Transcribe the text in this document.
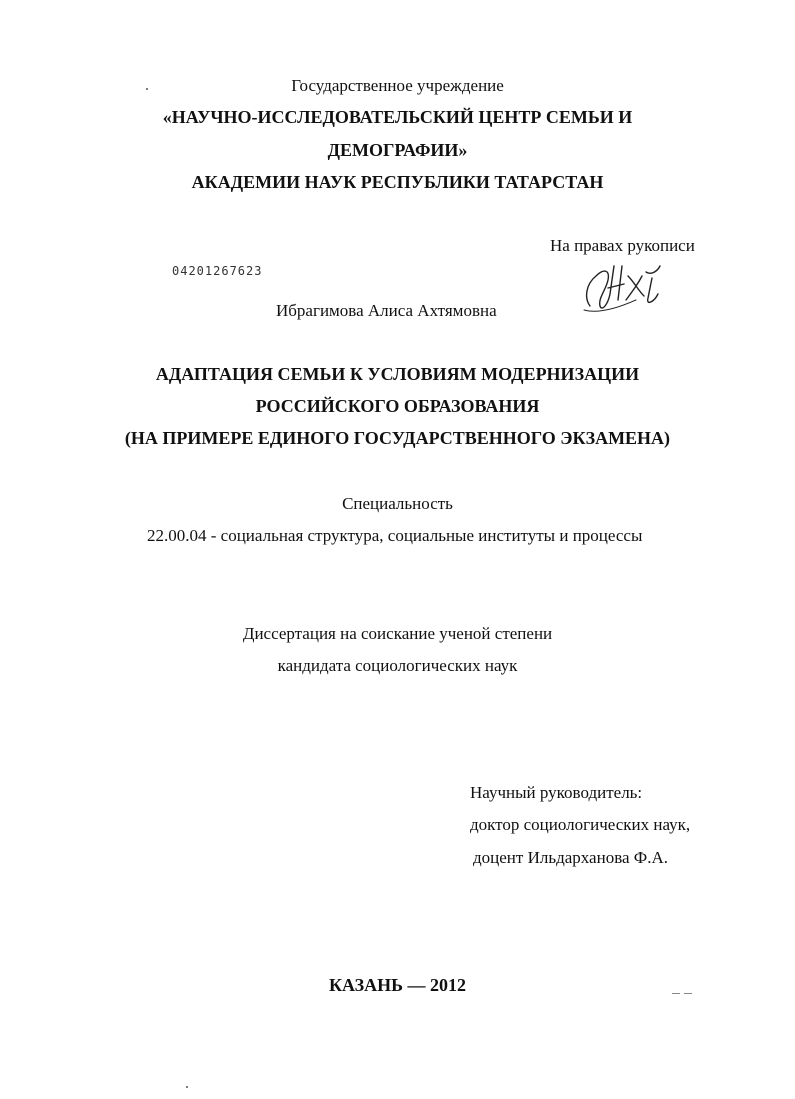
Государственное учреждение
«НАУЧНО-ИССЛЕДОВАТЕЛЬСКИЙ ЦЕНТР СЕМЬИ И
ДЕМОГРАФИИ»
АКАДЕМИИ НАУК РЕСПУБЛИКИ ТАТАРСТАН
На правах рукописи
04201267623
Ибрагимова Алиса Ахтямовна
АДАПТАЦИЯ СЕМЬИ К УСЛОВИЯМ МОДЕРНИЗАЦИИ
РОССИЙСКОГО ОБРАЗОВАНИЯ
(НА ПРИМЕРЕ ЕДИНОГО ГОСУДАРСТВЕННОГО ЭКЗАМЕНА)
Специальность
22.00.04 - социальная структура, социальные институты и процессы
Диссертация на соискание ученой степени
кандидата социологических наук
Научный руководитель:
доктор социологических наук,
доцент Ильдарханова Ф.А.
КАЗАНЬ — 2012
